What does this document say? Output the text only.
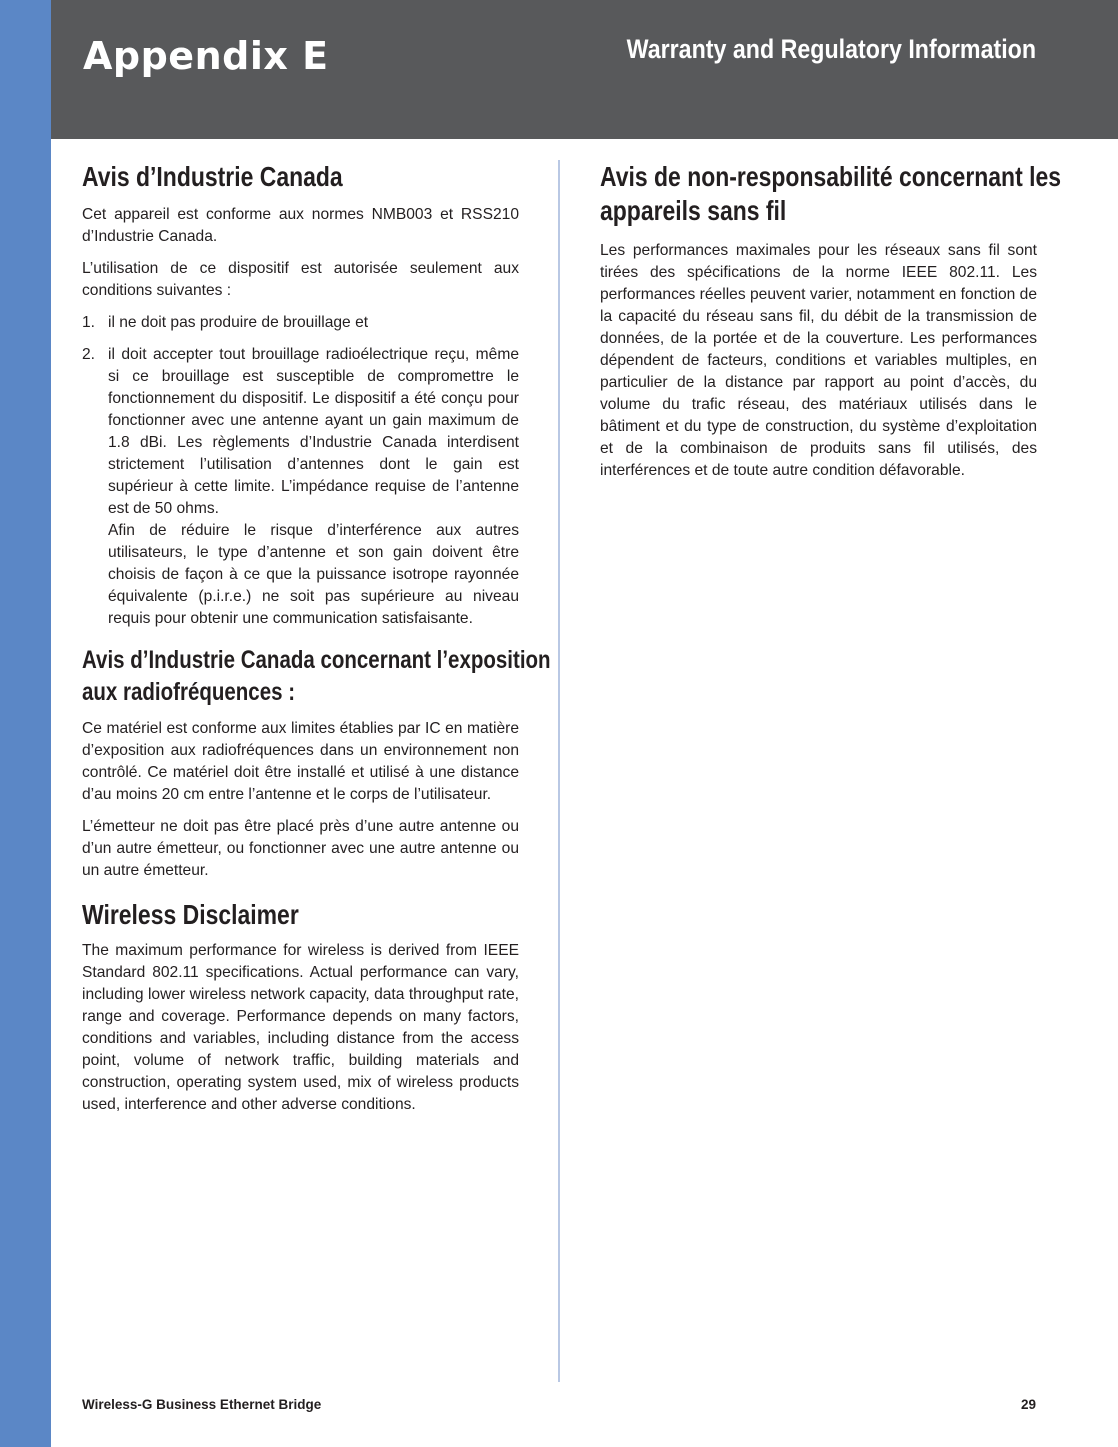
Appendix E	Warranty and Regulatory Information
Avis d’Industrie Canada

Cet appareil est conforme aux normes NMB003 et RSS210 d’Industrie Canada.

L’utilisation de ce dispositif est autorisée seulement aux conditions suivantes :

1. il ne doit pas produire de brouillage et
2. il doit accepter tout brouillage radioélectrique reçu, même si ce brouillage est susceptible de compromettre le fonctionnement du dispositif. Le dispositif a été conçu pour fonctionner avec une antenne ayant un gain maximum de 1.8 dBi. Les règlements d’Industrie Canada interdisent strictement l’utilisation d’antennes dont le gain est supérieur à cette limite. L’impédance requise de l’antenne est de 50 ohms.
Afin de réduire le risque d’interférence aux autres utilisateurs, le type d’antenne et son gain doivent être choisis de façon à ce que la puissance isotrope rayonnée équivalente (p.i.r.e.) ne soit pas supérieure au niveau requis pour obtenir une communication satisfaisante.
Avis d’Industrie Canada concernant l’exposition
aux radiofréquences :

Ce matériel est conforme aux limites établies par IC en matière d’exposition aux radiofréquences dans un environnement non contrôlé. Ce matériel doit être installé et utilisé à une distance d’au moins 20 cm entre l’antenne et le corps de l’utilisateur.

L’émetteur ne doit pas être placé près d’une autre antenne ou d’un autre émetteur, ou fonctionner avec une autre antenne ou un autre émetteur.

Wireless Disclaimer

The maximum performance for wireless is derived from IEEE Standard 802.11 specifications. Actual performance can vary, including lower wireless network capacity, data throughput rate, range and coverage. Performance depends on many factors, conditions and variables, including distance from the access point, volume of network traffic, building materials and construction, operating system used, mix of wireless products used, interference and other adverse conditions.

Avis de non-responsabilité concernant les
appareils sans fil

Les performances maximales pour les réseaux sans fil sont tirées des spécifications de la norme IEEE 802.11. Les performances réelles peuvent varier, notamment en fonction de la capacité du réseau sans fil, du débit de la transmission de données, de la portée et de la couverture. Les performances dépendent de facteurs, conditions et variables multiples, en particulier de la distance par rapport au point d’accès, du volume du trafic réseau, des matériaux utilisés dans le bâtiment et du type de construction, du système d’exploitation et de la combinaison de produits sans fil utilisés, des interférences et de toute autre condition défavorable.

Wireless-G Business Ethernet Bridge	29
